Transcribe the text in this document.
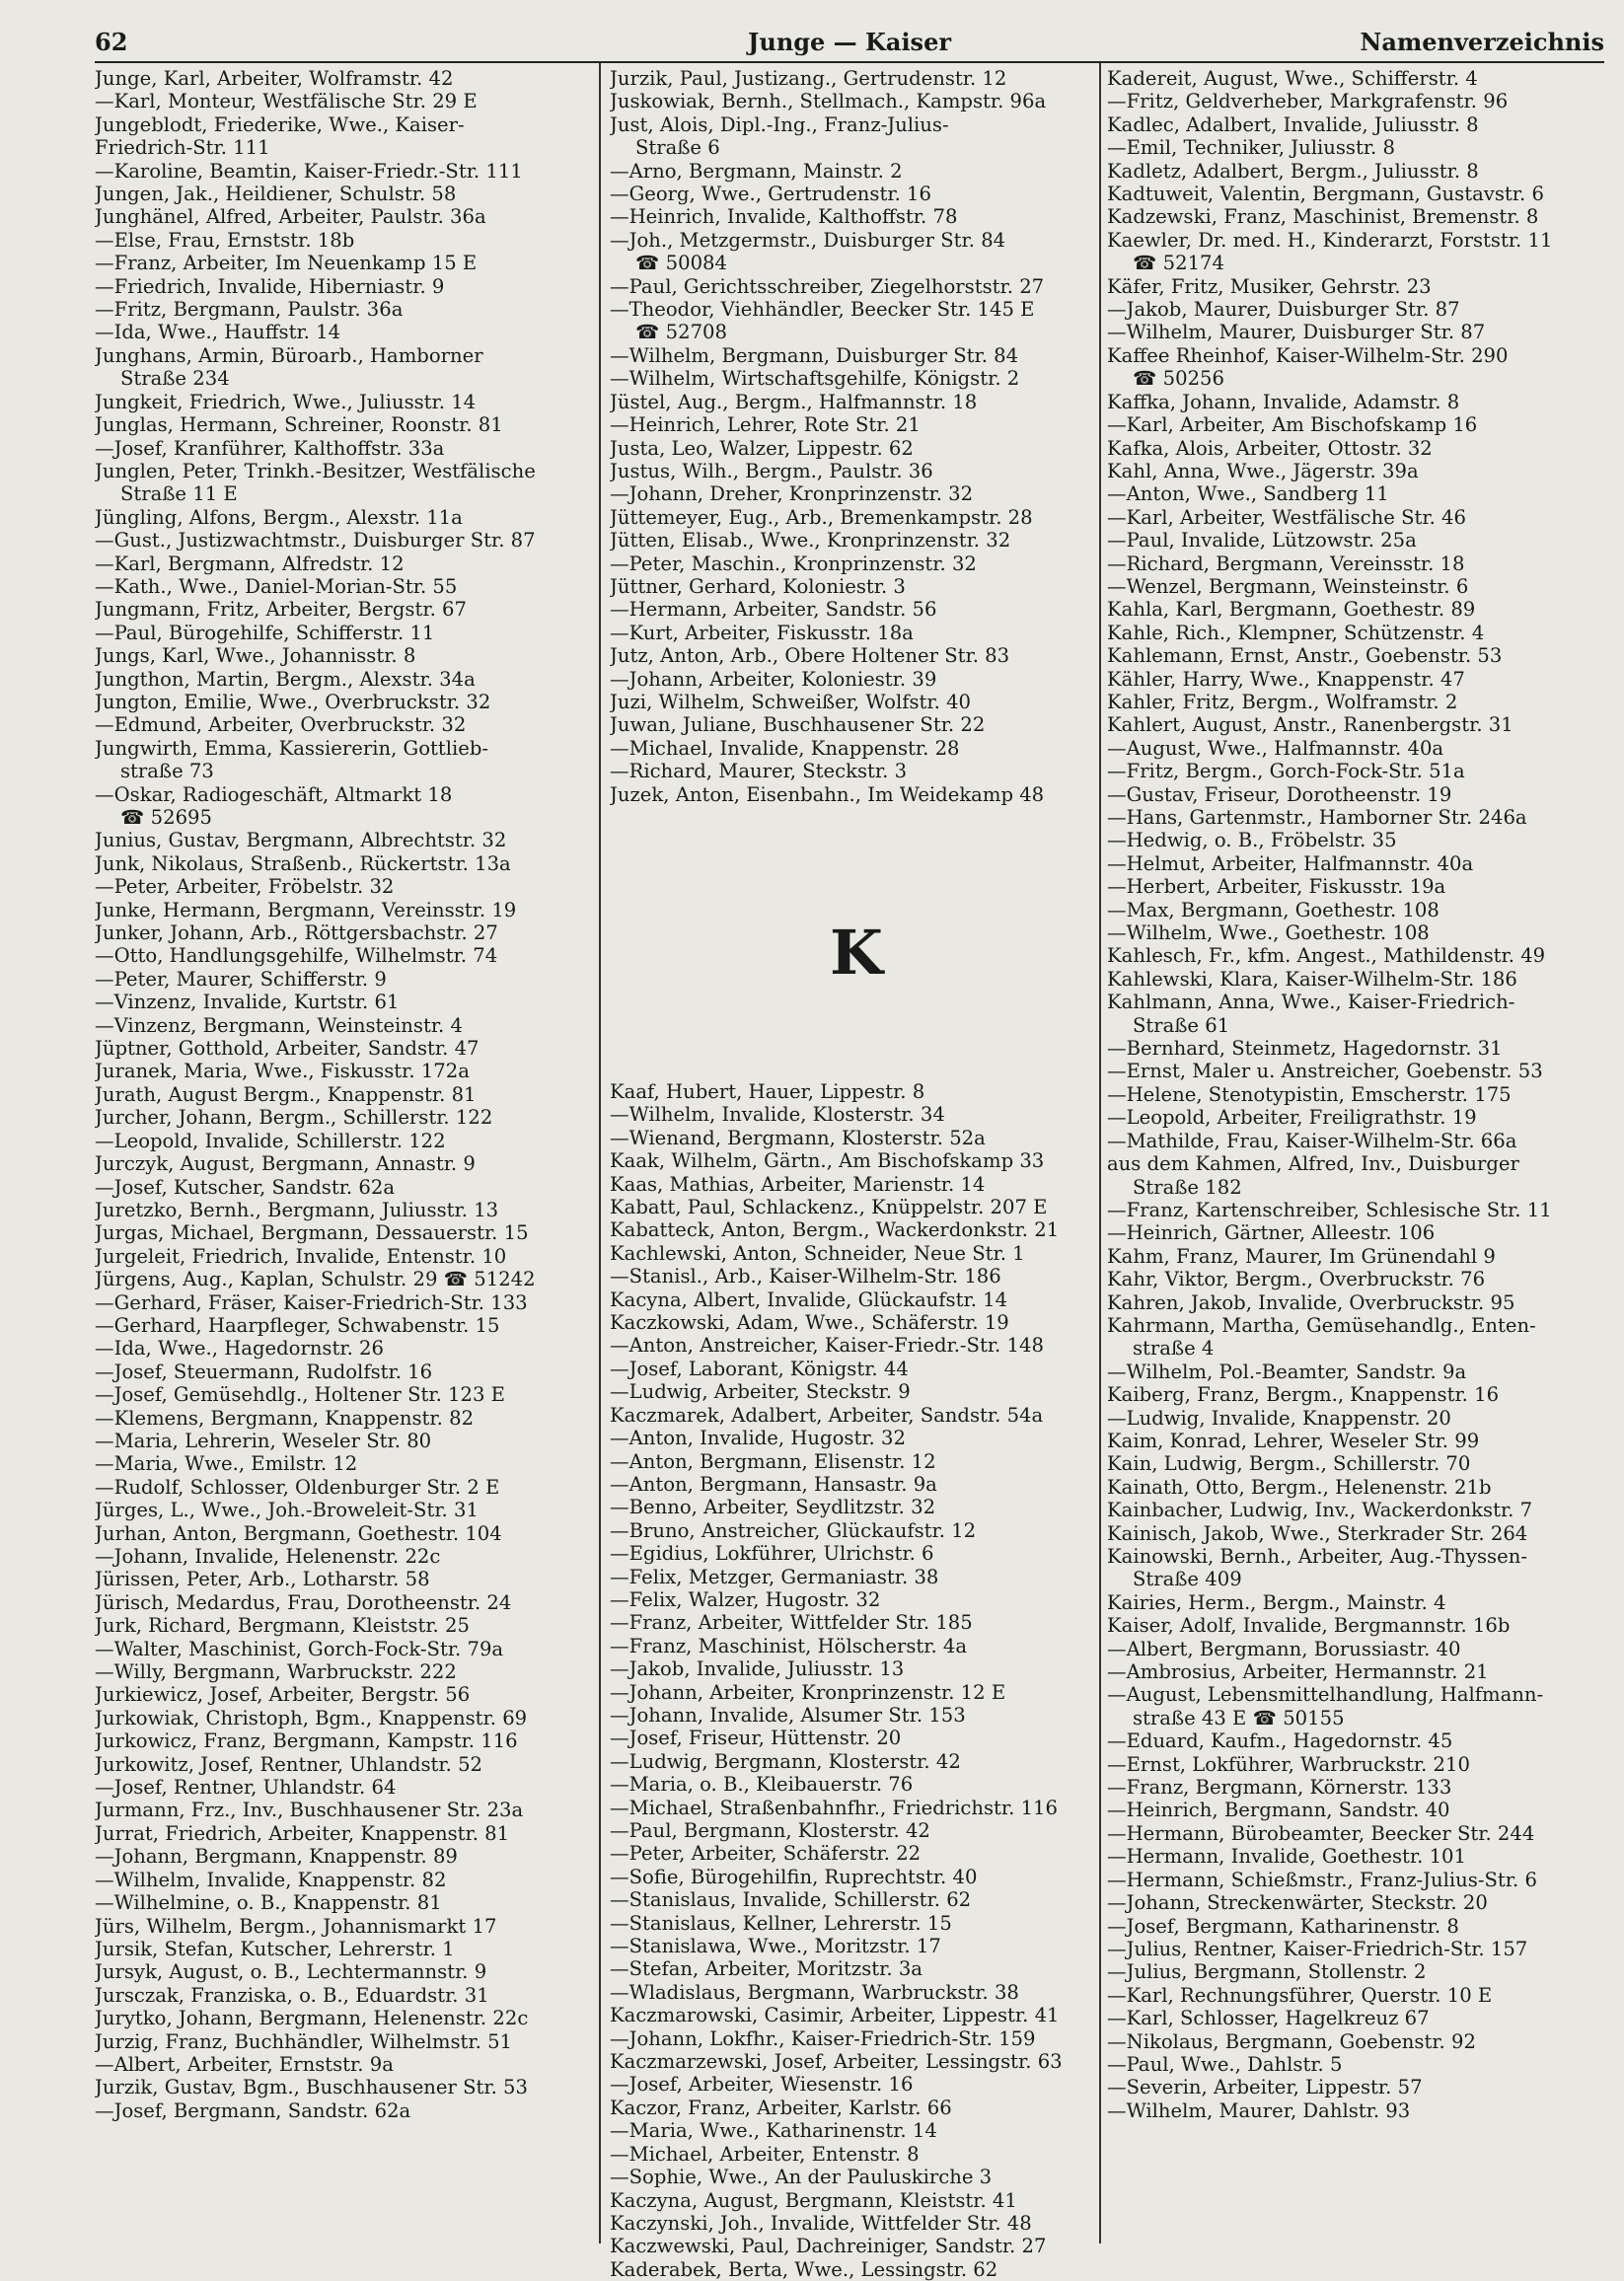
62	Junge — Kaiser	Namenverzeichnis
Junge, Karl, Arbeiter, Wolframstr. 42
—Karl, Monteur, Westfälische Str. 29 E
Jungeblodt, Friederike, Wwe., Kaiser-
Friedrich-Str. 111
—Karoline, Beamtin, Kaiser-Friedr.-Str. 111
Jungen, Jak., Heildiener, Schulstr. 58
Junghänel, Alfred, Arbeiter, Paulstr. 36a
—Else, Frau, Ernststr. 18b
—Franz, Arbeiter, Im Neuenkamp 15 E
—Friedrich, Invalide, Hiberniastr. 9
—Fritz, Bergmann, Paulstr. 36a
—Ida, Wwe., Hauffstr. 14
Junghans, Armin, Büroarb., Hamborner
Straße 234
Jungkeit, Friedrich, Wwe., Juliusstr. 14
Junglas, Hermann, Schreiner, Roonstr. 81
—Josef, Kranführer, Kalthoffstr. 33a
Junglen, Peter, Trinkh.-Besitzer, Westfälische
Straße 11 E
Jüngling, Alfons, Bergm., Alexstr. 11a
—Gust., Justizwachtmstr., Duisburger Str. 87
—Karl, Bergmann, Alfredstr. 12
—Kath., Wwe., Daniel-Morian-Str. 55
Jungmann, Fritz, Arbeiter, Bergstr. 67
—Paul, Bürogehilfe, Schifferstr. 11
Jungs, Karl, Wwe., Johannisstr. 8
Jungthon, Martin, Bergm., Alexstr. 34a
Jungton, Emilie, Wwe., Overbruckstr. 32
—Edmund, Arbeiter, Overbruckstr. 32
Jungwirth, Emma, Kassiererin, Gottlieb-
straße 73
—Oskar, Radiogeschäft, Altmarkt 18
☎ 52695
Junius, Gustav, Bergmann, Albrechtstr. 32
Junk, Nikolaus, Straßenb., Rückertstr. 13a
—Peter, Arbeiter, Fröbelstr. 32
Junke, Hermann, Bergmann, Vereinsstr. 19
Junker, Johann, Arb., Röttgersbachstr. 27
—Otto, Handlungsgehilfe, Wilhelmstr. 74
—Peter, Maurer, Schifferstr. 9
—Vinzenz, Invalide, Kurtstr. 61
—Vinzenz, Bergmann, Weinsteinstr. 4
Jüptner, Gotthold, Arbeiter, Sandstr. 47
Juranek, Maria, Wwe., Fiskusstr. 172a
Jurath, August Bergm., Knappenstr. 81
Jurcher, Johann, Bergm., Schillerstr. 122
—Leopold, Invalide, Schillerstr. 122
Jurczyk, August, Bergmann, Annastr. 9
—Josef, Kutscher, Sandstr. 62a
Juretzko, Bernh., Bergmann, Juliusstr. 13
Jurgas, Michael, Bergmann, Dessauerstr. 15
Jurgeleit, Friedrich, Invalide, Entenstr. 10
Jürgens, Aug., Kaplan, Schulstr. 29 ☎ 51242
—Gerhard, Fräser, Kaiser-Friedrich-Str. 133
—Gerhard, Haarpfleger, Schwabenstr. 15
—Ida, Wwe., Hagedornstr. 26
—Josef, Steuermann, Rudolfstr. 16
—Josef, Gemüsehdlg., Holtener Str. 123 E
—Klemens, Bergmann, Knappenstr. 82
—Maria, Lehrerin, Weseler Str. 80
—Maria, Wwe., Emilstr. 12
—Rudolf, Schlosser, Oldenburger Str. 2 E
Jürges, L., Wwe., Joh.-Broweleit-Str. 31
Jurhan, Anton, Bergmann, Goethestr. 104
—Johann, Invalide, Helenenstr. 22c
Jürissen, Peter, Arb., Lotharstr. 58
Jürisch, Medardus, Frau, Dorotheenstr. 24
Jurk, Richard, Bergmann, Kleiststr. 25
—Walter, Maschinist, Gorch-Fock-Str. 79a
—Willy, Bergmann, Warbruckstr. 222
Jurkiewicz, Josef, Arbeiter, Bergstr. 56
Jurkowiak, Christoph, Bgm., Knappenstr. 69
Jurkowicz, Franz, Bergmann, Kampstr. 116
Jurkowitz, Josef, Rentner, Uhlandstr. 52
—Josef, Rentner, Uhlandstr. 64
Jurmann, Frz., Inv., Buschhausener Str. 23a
Jurrat, Friedrich, Arbeiter, Knappenstr. 81
—Johann, Bergmann, Knappenstr. 89
—Wilhelm, Invalide, Knappenstr. 82
—Wilhelmine, o. B., Knappenstr. 81
Jürs, Wilhelm, Bergm., Johannismarkt 17
Jursik, Stefan, Kutscher, Lehrerstr. 1
Jursyk, August, o. B., Lechtermannstr. 9
Jursczak, Franziska, o. B., Eduardstr. 31
Jurytko, Johann, Bergmann, Helenenstr. 22c
Jurzig, Franz, Buchhändler, Wilhelmstr. 51
—Albert, Arbeiter, Ernststr. 9a
Jurzik, Gustav, Bgm., Buschhausener Str. 53
—Josef, Bergmann, Sandstr. 62a
Jurzik, Paul, Justizang., Gertrudenstr. 12
Juskowiak, Bernh., Stellmach., Kampstr. 96a
Just, Alois, Dipl.-Ing., Franz-Julius-
Straße 6
—Arno, Bergmann, Mainstr. 2
—Georg, Wwe., Gertrudenstr. 16
—Heinrich, Invalide, Kalthoffstr. 78
—Joh., Metzgermstr., Duisburger Str. 84
☎ 50084
—Paul, Gerichtsschreiber, Ziegelhorststr. 27
—Theodor, Viehhändler, Beecker Str. 145 E
☎ 52708
—Wilhelm, Bergmann, Duisburger Str. 84
—Wilhelm, Wirtschaftsgehilfe, Königstr. 2
Jüstel, Aug., Bergm., Halfmannstr. 18
—Heinrich, Lehrer, Rote Str. 21
Justa, Leo, Walzer, Lippestr. 62
Justus, Wilh., Bergm., Paulstr. 36
—Johann, Dreher, Kronprinzenstr. 32
Jüttemeyer, Eug., Arb., Bremenkampstr. 28
Jütten, Elisab., Wwe., Kronprinzenstr. 32
—Peter, Maschin., Kronprinzenstr. 32
Jüttner, Gerhard, Koloniestr. 3
—Hermann, Arbeiter, Sandstr. 56
—Kurt, Arbeiter, Fiskusstr. 18a
Jutz, Anton, Arb., Obere Holtener Str. 83
—Johann, Arbeiter, Koloniestr. 39
Juzi, Wilhelm, Schweißer, Wolfstr. 40
Juwan, Juliane, Buschhausener Str. 22
—Michael, Invalide, Knappenstr. 28
—Richard, Maurer, Steckstr. 3
Juzek, Anton, Eisenbahn., Im Weidekamp 48
K
Kaaf, Hubert, Hauer, Lippestr. 8
—Wilhelm, Invalide, Klosterstr. 34
—Wienand, Bergmann, Klosterstr. 52a
Kaak, Wilhelm, Gärtn., Am Bischofskamp 33
Kaas, Mathias, Arbeiter, Marienstr. 14
Kabatt, Paul, Schlackenz., Knüppelstr. 207 E
Kabatteck, Anton, Bergm., Wackerdonkstr. 21
Kachlewski, Anton, Schneider, Neue Str. 1
—Stanisl., Arb., Kaiser-Wilhelm-Str. 186
Kacyna, Albert, Invalide, Glückaufstr. 14
Kaczkowski, Adam, Wwe., Schäferstr. 19
—Anton, Anstreicher, Kaiser-Friedr.-Str. 148
—Josef, Laborant, Königstr. 44
—Ludwig, Arbeiter, Steckstr. 9
Kaczmarek, Adalbert, Arbeiter, Sandstr. 54a
—Anton, Invalide, Hugostr. 32
—Anton, Bergmann, Elisenstr. 12
—Anton, Bergmann, Hansastr. 9a
—Benno, Arbeiter, Seydlitzstr. 32
—Bruno, Anstreicher, Glückaufstr. 12
—Egidius, Lokführer, Ulrichstr. 6
—Felix, Metzger, Germaniastr. 38
—Felix, Walzer, Hugostr. 32
—Franz, Arbeiter, Wittfelder Str. 185
—Franz, Maschinist, Hölscherstr. 4a
—Jakob, Invalide, Juliusstr. 13
—Johann, Arbeiter, Kronprinzenstr. 12 E
—Johann, Invalide, Alsumer Str. 153
—Josef, Friseur, Hüttenstr. 20
—Ludwig, Bergmann, Klosterstr. 42
—Maria, o. B., Kleibauerstr. 76
—Michael, Straßenbahnfhr., Friedrichstr. 116
—Paul, Bergmann, Klosterstr. 42
—Peter, Arbeiter, Schäferstr. 22
—Sofie, Bürogehilfin, Ruprechtstr. 40
—Stanislaus, Invalide, Schillerstr. 62
—Stanislaus, Kellner, Lehrerstr. 15
—Stanislawa, Wwe., Moritzstr. 17
—Stefan, Arbeiter, Moritzstr. 3a
—Wladislaus, Bergmann, Warbruckstr. 38
Kaczmarowski, Casimir, Arbeiter, Lippestr. 41
—Johann, Lokfhr., Kaiser-Friedrich-Str. 159
Kaczmarzewski, Josef, Arbeiter, Lessingstr. 63
—Josef, Arbeiter, Wiesenstr. 16
Kaczor, Franz, Arbeiter, Karlstr. 66
—Maria, Wwe., Katharinenstr. 14
—Michael, Arbeiter, Entenstr. 8
—Sophie, Wwe., An der Pauluskirche 3
Kaczyna, August, Bergmann, Kleiststr. 41
Kaczynski, Joh., Invalide, Wittfelder Str. 48
Kaczwewski, Paul, Dachreiniger, Sandstr. 27
Kaderabek, Berta, Wwe., Lessingstr. 62
Kadereit, August, Wwe., Schifferstr. 4
—Fritz, Geldverheber, Markgrafenstr. 96
Kadlec, Adalbert, Invalide, Juliusstr. 8
—Emil, Techniker, Juliusstr. 8
Kadletz, Adalbert, Bergm., Juliusstr. 8
Kadtuweit, Valentin, Bergmann, Gustavstr. 6
Kadzewski, Franz, Maschinist, Bremenstr. 8
Kaewler, Dr. med. H., Kinderarzt, Forststr. 11
☎ 52174
Käfer, Fritz, Musiker, Gehrstr. 23
—Jakob, Maurer, Duisburger Str. 87
—Wilhelm, Maurer, Duisburger Str. 87
Kaffee Rheinhof, Kaiser-Wilhelm-Str. 290
☎ 50256
Kaffka, Johann, Invalide, Adamstr. 8
—Karl, Arbeiter, Am Bischofskamp 16
Kafka, Alois, Arbeiter, Ottostr. 32
Kahl, Anna, Wwe., Jägerstr. 39a
—Anton, Wwe., Sandberg 11
—Karl, Arbeiter, Westfälische Str. 46
—Paul, Invalide, Lützowstr. 25a
—Richard, Bergmann, Vereinsstr. 18
—Wenzel, Bergmann, Weinsteinstr. 6
Kahla, Karl, Bergmann, Goethestr. 89
Kahle, Rich., Klempner, Schützenstr. 4
Kahlemann, Ernst, Anstr., Goebenstr. 53
Kähler, Harry, Wwe., Knappenstr. 47
Kahler, Fritz, Bergm., Wolframstr. 2
Kahlert, August, Anstr., Ranenbergstr. 31
—August, Wwe., Halfmannstr. 40a
—Fritz, Bergm., Gorch-Fock-Str. 51a
—Gustav, Friseur, Dorotheenstr. 19
—Hans, Gartenmstr., Hamborner Str. 246a
—Hedwig, o. B., Fröbelstr. 35
—Helmut, Arbeiter, Halfmannstr. 40a
—Herbert, Arbeiter, Fiskusstr. 19a
—Max, Bergmann, Goethestr. 108
—Wilhelm, Wwe., Goethestr. 108
Kahlesch, Fr., kfm. Angest., Mathildenstr. 49
Kahlewski, Klara, Kaiser-Wilhelm-Str. 186
Kahlmann, Anna, Wwe., Kaiser-Friedrich-
Straße 61
—Bernhard, Steinmetz, Hagedornstr. 31
—Ernst, Maler u. Anstreicher, Goebenstr. 53
—Helene, Stenotypistin, Emscherstr. 175
—Leopold, Arbeiter, Freiligrathstr. 19
—Mathilde, Frau, Kaiser-Wilhelm-Str. 66a
aus dem Kahmen, Alfred, Inv., Duisburger
Straße 182
—Franz, Kartenschreiber, Schlesische Str. 11
—Heinrich, Gärtner, Alleestr. 106
Kahm, Franz, Maurer, Im Grünendahl 9
Kahr, Viktor, Bergm., Overbruckstr. 76
Kahren, Jakob, Invalide, Overbruckstr. 95
Kahrmann, Martha, Gemüsehandlg., Enten-
straße 4
—Wilhelm, Pol.-Beamter, Sandstr. 9a
Kaiberg, Franz, Bergm., Knappenstr. 16
—Ludwig, Invalide, Knappenstr. 20
Kaim, Konrad, Lehrer, Weseler Str. 99
Kain, Ludwig, Bergm., Schillerstr. 70
Kainath, Otto, Bergm., Helenenstr. 21b
Kainbacher, Ludwig, Inv., Wackerdonkstr. 7
Kainisch, Jakob, Wwe., Sterkrader Str. 264
Kainowski, Bernh., Arbeiter, Aug.-Thyssen-
Straße 409
Kairies, Herm., Bergm., Mainstr. 4
Kaiser, Adolf, Invalide, Bergmannstr. 16b
—Albert, Bergmann, Borussiastr. 40
—Ambrosius, Arbeiter, Hermannstr. 21
—August, Lebensmittelhandlung, Halfmann-
straße 43 E ☎ 50155
—Eduard, Kaufm., Hagedornstr. 45
—Ernst, Lokführer, Warbruckstr. 210
—Franz, Bergmann, Körnerstr. 133
—Heinrich, Bergmann, Sandstr. 40
—Hermann, Bürobeamter, Beecker Str. 244
—Hermann, Invalide, Goethestr. 101
—Hermann, Schießmstr., Franz-Julius-Str. 6
—Johann, Streckenwärter, Steckstr. 20
—Josef, Bergmann, Katharinenstr. 8
—Julius, Rentner, Kaiser-Friedrich-Str. 157
—Julius, Bergmann, Stollenstr. 2
—Karl, Rechnungsführer, Querstr. 10 E
—Karl, Schlosser, Hagelkreuz 67
—Nikolaus, Bergmann, Goebenstr. 92
—Paul, Wwe., Dahlstr. 5
—Severin, Arbeiter, Lippestr. 57
—Wilhelm, Maurer, Dahlstr. 93
